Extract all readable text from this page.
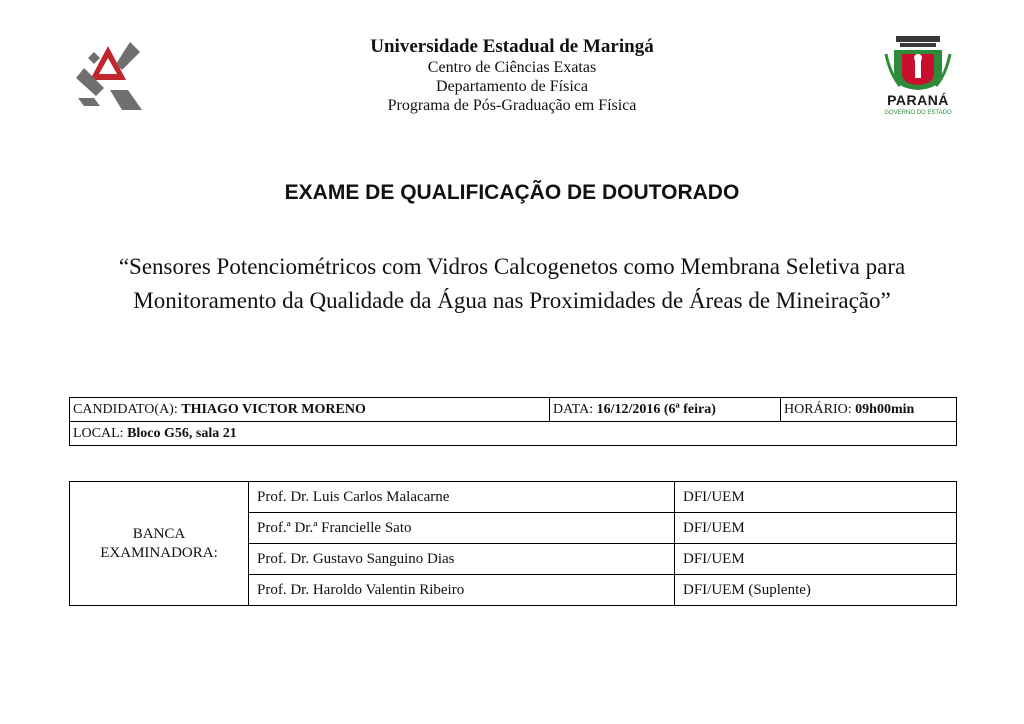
PARANÁ
GOVERNO DO ESTADO
Universidade Estadual de Maringá
Centro de Ciências Exatas
Departamento de Física
Programa de Pós-Graduação em Física
EXAME DE QUALIFICAÇÃO DE DOUTORADO
“Sensores Potenciométricos com Vidros Calcogenetos como Membrana Seletiva para
Monitoramento da Qualidade da Água nas Proximidades de Áreas de Mineiração”
CANDIDATO(A): THIAGO VICTOR MORENO	DATA: 16/12/2016 (6ª feira)	HORÁRIO: 09h00min
LOCAL: Bloco G56, sala 21
BANCA
EXAMINADORA:	Prof. Dr. Luis Carlos Malacarne	DFI/UEM
	Prof.ª Dr.ª Francielle Sato	DFI/UEM
	Prof. Dr. Gustavo Sanguino Dias	DFI/UEM
	Prof. Dr. Haroldo Valentin Ribeiro	DFI/UEM (Suplente)
